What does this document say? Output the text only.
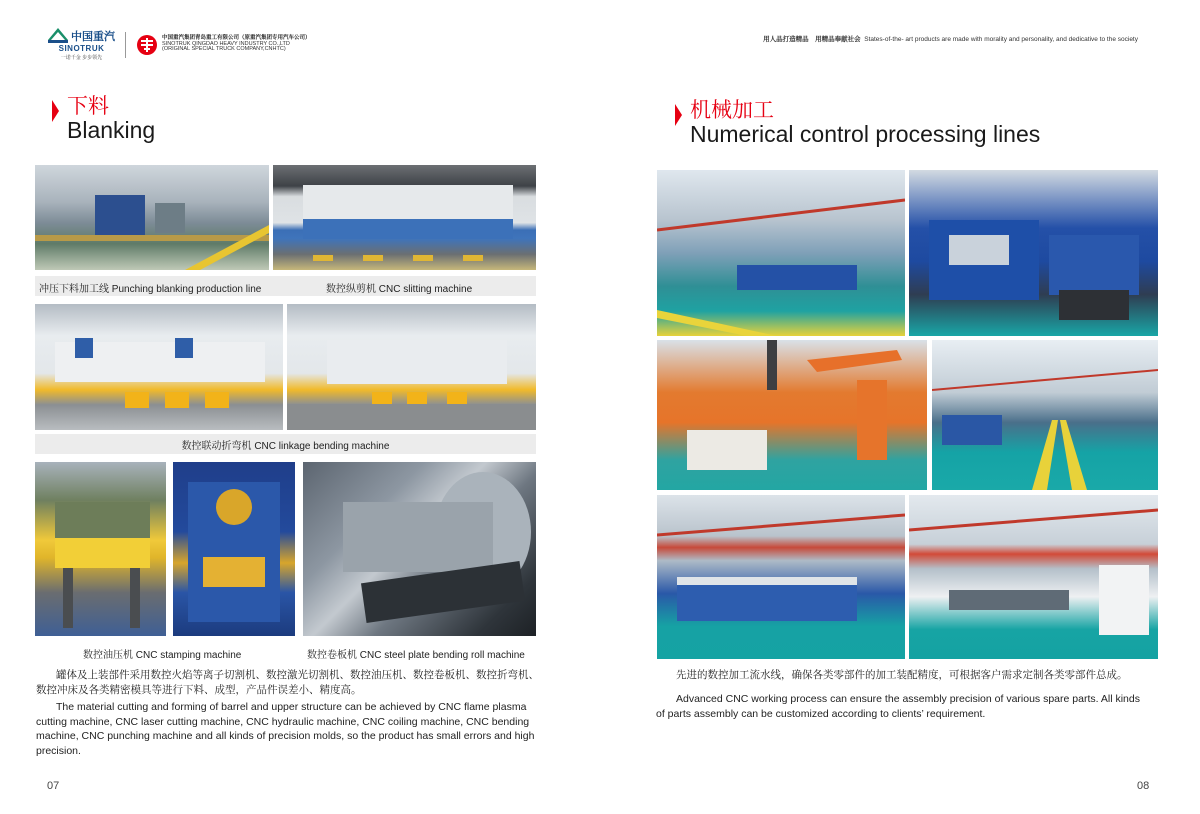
中国重汽
SINOTRUK
一诺千金 步步领先
中国重汽集团青岛重工有限公司（原重汽集团专用汽车公司）
SINOTRUK QINGDAO HEAVY INDUSTRY CO.,LTD
(ORIGINAL SPECIAL TRUCK COMPANY,CNHTC)
下料
Blanking
冲压下料加工线 Punching blanking production line	数控纵剪机 CNC slitting machine
数控联动折弯机 CNC linkage bending machine
数控油压机 CNC stamping machine	数控卷板机 CNC steel plate bending roll machine

罐体及上装部件采用数控火焰等离子切割机、数控激光切割机、数控油压机、数控卷板机、数控折弯机、数控冲床及各类精密模具等进行下料、成型，产品件误差小、精度高。

The material cutting and forming of barrel and upper structure can be achieved by CNC flame plasma cutting machine, CNC laser cutting machine, CNC hydraulic machine, CNC coiling machine, CNC bending machine, CNC punching machine and all kinds of precision molds, so the product has small errors and high precision.

07
用人品打造精品　用精品奉献社会 States-of-the- art products are made with morality and personality, and dedicative to the society
机械加工
Numerical control processing lines

先进的数控加工流水线，确保各类零部件的加工装配精度，可根据客户需求定制各类零部件总成。

Advanced CNC working process can ensure the assembly precision of various spare parts. All kinds of parts assembly can be customized according to clients’ requirement.

08
